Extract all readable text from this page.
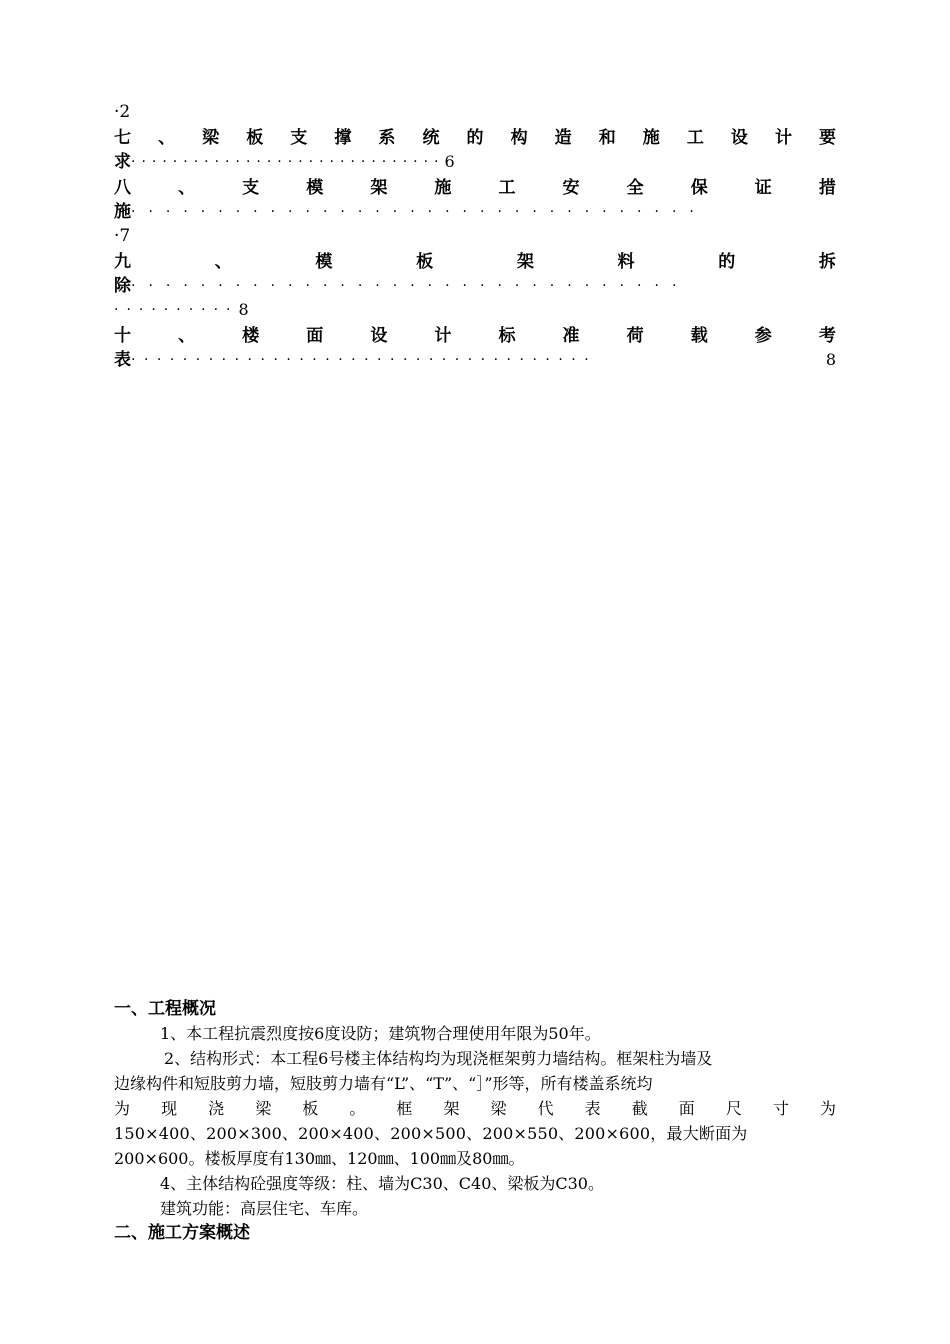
·2
七 、 梁 板 支 撑 系 统 的 构 造 和 施 工 设 计 要
求 ······························ 6
八	、	支	模	架	施	工	安	全	保	证	措
施 ·································
·7
九	、	模	板	架	料	的	拆
除 ································
·········· 8
十	、	楼	面	设	计	标	准	荷	载	参	考
表 ····································	8
一、工程概况
1、本工程抗震烈度按6度设防；建筑物合理使用年限为50年。
2、结构形式：本工程6号楼主体结构均为现浇框架剪力墙结构。框架柱为墙及
边缘构件和短肢剪力墙，短肢剪力墙有“L”、“T”、“］”形等，所有楼盖系统均
为 现 浇 梁 板 。 框 架 梁 代 表 截 面 尺 寸 为
150×400、200×300、200×400、200×500、200×550、200×600，最大断面为
200×600。楼板厚度有130㎜、120㎜、100㎜及80㎜。
4、主体结构砼强度等级：柱、墙为C30、C40、梁板为C30。
建筑功能：高层住宅、车库。
二、施工方案概述
